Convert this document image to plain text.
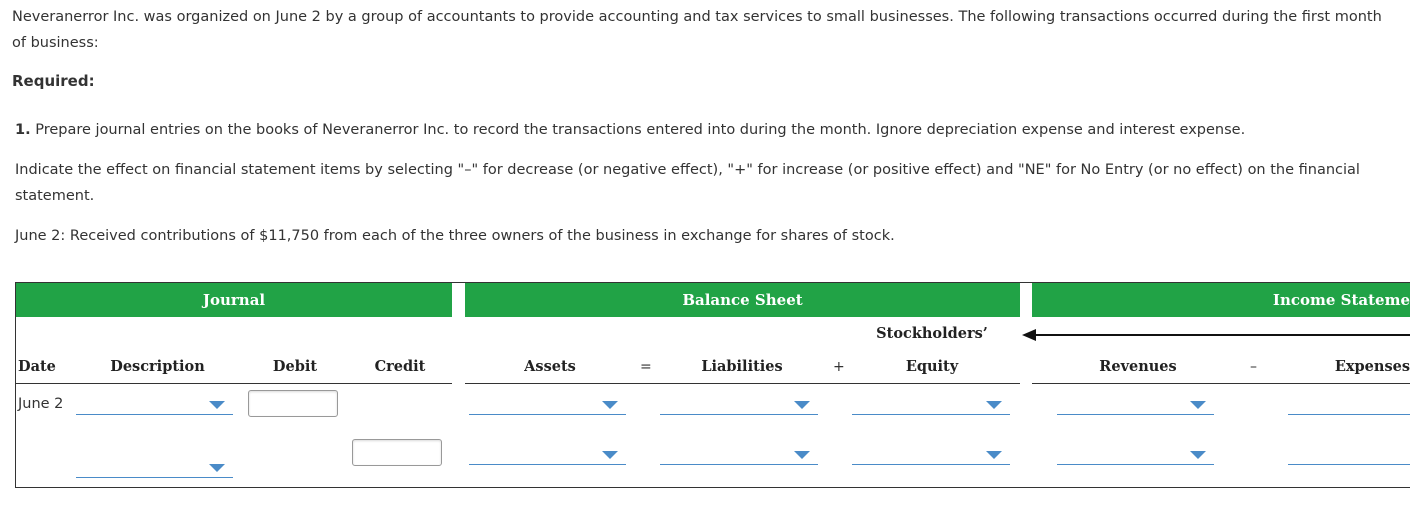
Neveranerror Inc. was organized on June 2 by a group of accountants to provide accounting and tax services to small businesses. The following transactions occurred during the first month of business:
Required:
1. Prepare journal entries on the books of Neveranerror Inc. to record the transactions entered into during the month. Ignore depreciation expense and interest expense.
Indicate the effect on financial statement items by selecting "–" for decrease (or negative effect), "+" for increase (or positive effect) and "NE" for No Entry (or no effect) on the financial statement.
June 2: Received contributions of $11,750 from each of the three owners of the business in exchange for shares of stock.
Journal	Balance Sheet	Income Stateme
Stockholders’
Date	Description	Debit	Credit	Assets	=	Liabilities	+	Equity	Revenues	–	Expenses
June 2
